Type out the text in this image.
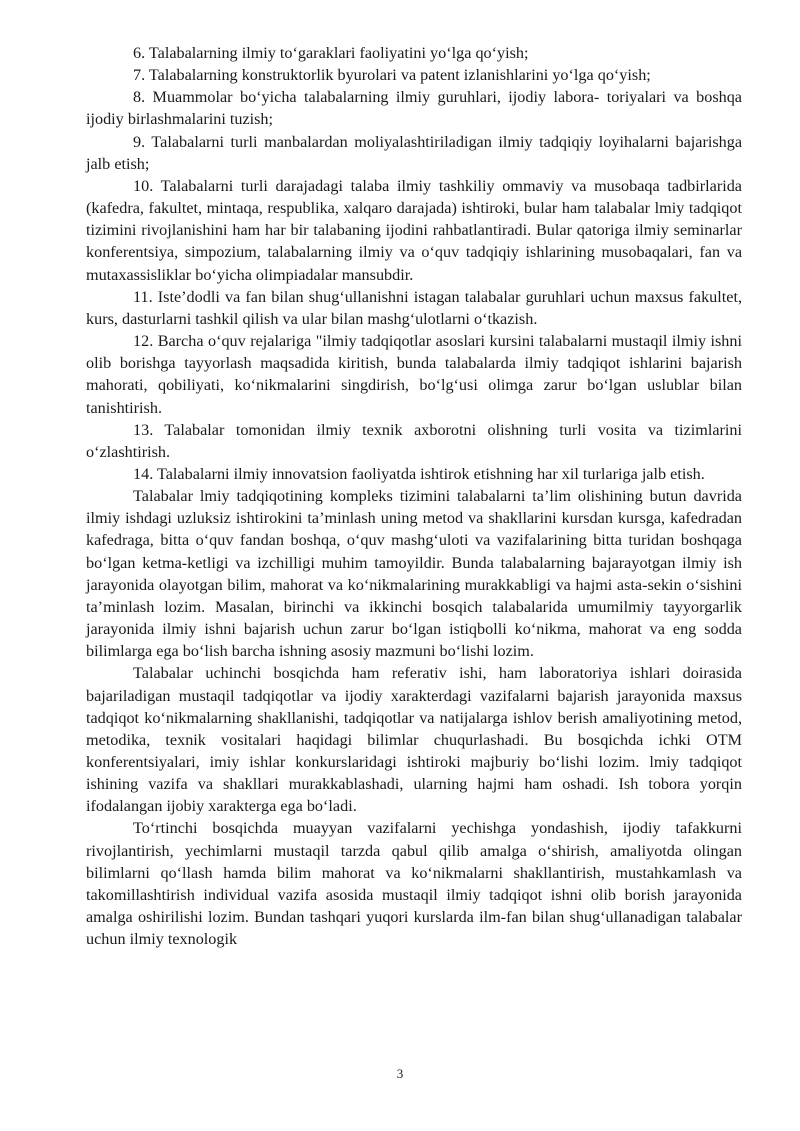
6. Talabalarning ilmiy to‘garaklari faoliyatini yo‘lga qo‘yish;

7. Talabalarning konstruktorlik byurolari va patent izlanishlarini yo‘lga qo‘yish;

8. Muammolar bo‘yicha talabalarning ilmiy guruhlari, ijodiy labora- toriyalari va boshqa ijodiy birlashmalarini tuzish;

9. Talabalarni turli manbalardan moliyalashtiriladigan ilmiy tadqiqiy loyihalarni bajarishga jalb etish;

10. Talabalarni turli darajadagi talaba ilmiy tashkiliy ommaviy va musobaqa tadbirlarida (kafedra, fakultet, mintaqa, respublika, xalqaro darajada) ishtiroki, bular ham talabalar lmiy tadqiqot tizimini rivojlanishini ham har bir talabaning ijodini rahbatlantiradi. Bular qatoriga ilmiy seminarlar konferentsiya, simpozium, talabalarning ilmiy va o‘quv tadqiqiy ishlarining musobaqalari, fan va mutaxassisliklar bo‘yicha olimpiadalar mansubdir.

11. Iste’dodli va fan bilan shug‘ullanishni istagan talabalar guruhlari uchun maxsus fakultet, kurs, dasturlarni tashkil qilish va ular bilan mashg‘ulotlarni o‘tkazish.

12. Barcha o‘quv rejalariga "ilmiy tadqiqotlar asoslari kursini talabalarni mustaqil ilmiy ishni olib borishga tayyorlash maqsadida kiritish, bunda talabalarda ilmiy tadqiqot ishlarini bajarish mahorati, qobiliyati, ko‘nikmalarini singdirish, bo‘lg‘usi olimga zarur bo‘lgan uslublar bilan tanishtirish.

13. Talabalar tomonidan ilmiy texnik axborotni olishning turli vosita va tizimlarini o‘zlashtirish.

14. Talabalarni ilmiy innovatsion faoliyatda ishtirok etishning har xil turlariga jalb etish.

Talabalar lmiy tadqiqotining kompleks tizimini talabalarni ta’lim olishining butun davrida ilmiy ishdagi uzluksiz ishtirokini ta’minlash uning metod va shakllarini kursdan kursga, kafedradan kafedraga, bitta o‘quv fandan boshqa, o‘quv mashg‘uloti va vazifalarining bitta turidan boshqaga bo‘lgan ketma-ketligi va izchilligi muhim tamoyildir. Bunda talabalarning bajarayotgan ilmiy ish jarayonida olayotgan bilim, mahorat va ko‘nikmalarining murakkabligi va hajmi asta-sekin o‘sishini ta’minlash lozim. Masalan, birinchi va ikkinchi bosqich talabalarida umumilmiy tayyorgarlik jarayonida ilmiy ishni bajarish uchun zarur bo‘lgan istiqbolli ko‘nikma, mahorat va eng sodda bilimlarga ega bo‘lish barcha ishning asosiy mazmuni bo‘lishi lozim.

Talabalar uchinchi bosqichda ham referativ ishi, ham laboratoriya ishlari doirasida bajariladigan mustaqil tadqiqotlar va ijodiy xarakterdagi vazifalarni bajarish jarayonida maxsus tadqiqot ko‘nikmalarning shakllanishi, tadqiqotlar va natijalarga ishlov berish amaliyotining metod, metodika, texnik vositalari haqidagi bilimlar chuqurlashadi. Bu bosqichda ichki OTM konferentsiyalari, imiy ishlar konkurslaridagi ishtiroki majburiy bo‘lishi lozim. lmiy tadqiqot ishining vazifa va shakllari murakkablashadi, ularning hajmi ham oshadi. Ish tobora yorqin ifodalangan ijobiy xarakterga ega bo‘ladi.

To‘rtinchi bosqichda muayyan vazifalarni yechishga yondashish, ijodiy tafakkurni rivojlantirish, yechimlarni mustaqil tarzda qabul qilib amalga o‘shirish, amaliyotda olingan bilimlarni qo‘llash hamda bilim mahorat va ko‘nikmalarni shakllantirish, mustahkamlash va takomillashtirish individual vazifa asosida mustaqil ilmiy tadqiqot ishni olib borish jarayonida amalga oshirilishi lozim. Bundan tashqari yuqori kurslarda ilm-fan bilan shug‘ullanadigan talabalar uchun ilmiy texnologik

3
